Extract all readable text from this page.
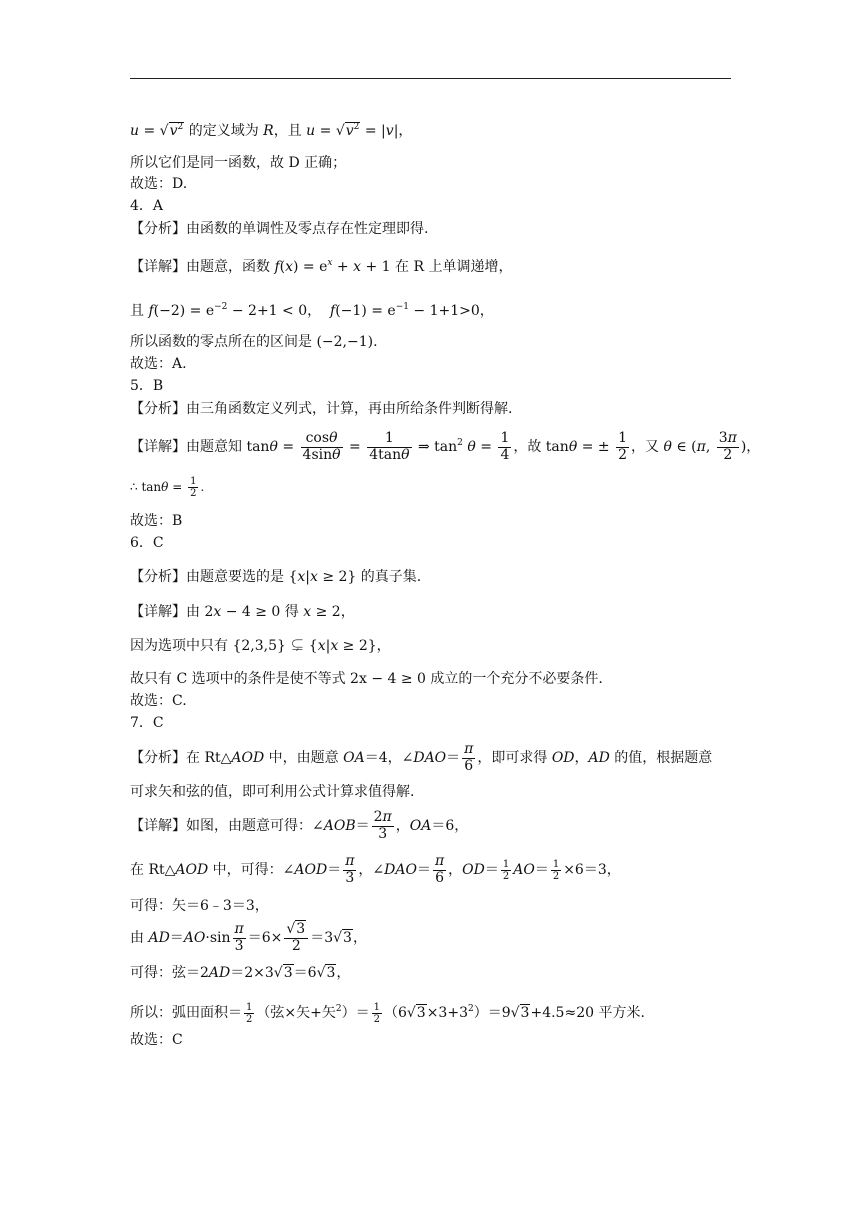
$u = √v^2$ 的定义域为 R，且 $u = √v^2 = |v|$，
所以它们是同一函数，故 D 正确；
故选：D.
4．A
【分析】由函数的单调性及零点存在性定理即得.
【详解】由题意，函数 $f(x) = e^x + x + 1$ 在 R 上单调递增，
且 $f(-2) = e^{-2} - 2+1 < 0$，  $f(-1) = e^{-1} - 1+1>0$，
所以函数的零点所在的区间是 (−2,−1).
故选：A.
5．B
【分析】由三角函数定义列式，计算，再由所给条件判断得解.
【详解】由题意知 $\tan\theta = \frac{\cos\theta}{4\sin\theta} = \frac{1}{4\tan\theta}$ ⇒ $\tan^2 \theta = \frac{1}{4}$ ，故 tanθ = ± $\frac{1}{2}$ ，又 θ ∈ (π, $\frac{3\pi}{2}$ )，
∴ $\tan\theta = \frac{1}{2}$ .
故选：B
6．C
【分析】由题意要选的是 {x|x ≥ 2} 的真子集.
【详解】由 2x − 4 ≥ 0 得 x ≥ 2，
因为选项中只有 {2,3,5} ⊊ {x|x ≥ 2}，
故只有 C 选项中的条件是使不等式 2x − 4 ≥ 0 成立的一个充分不必要条件.
故选：C.
7．C
【分析】在 Rt△AOD 中，由题意 OA＝4，∠DAO＝ $\frac{\pi}{6}$ ，即可求得 OD，AD 的值，根据题意
可求矢和弦的值，即可利用公式计算求值得解.
【详解】如图，由题意可得：∠AOB＝ $\frac{2\pi}{3}$ ，OA＝6，
在 Rt△AOD 中，可得：∠AOD＝ $\frac{\pi}{3}$ ，∠DAO＝ $\frac{\pi}{6}$ ，$OD= \frac{1}{2} AO= \frac{1}{2} \times 6=3$，
可得：矢＝6﹣3＝3，
由 $AD=AO\cdot\sin \frac{\pi}{3} =6\times \frac{√3}{2} =3√3$，
可得：弦＝2AD＝2×3√3＝6√3，
所以：弧田面积＝ $\frac{1}{2}$ （弦×矢+矢$^2)= \frac{1}{2} (6√3\times 3+3^2)=9√3+4.5\approx 20$ 平方米.
故选：C
